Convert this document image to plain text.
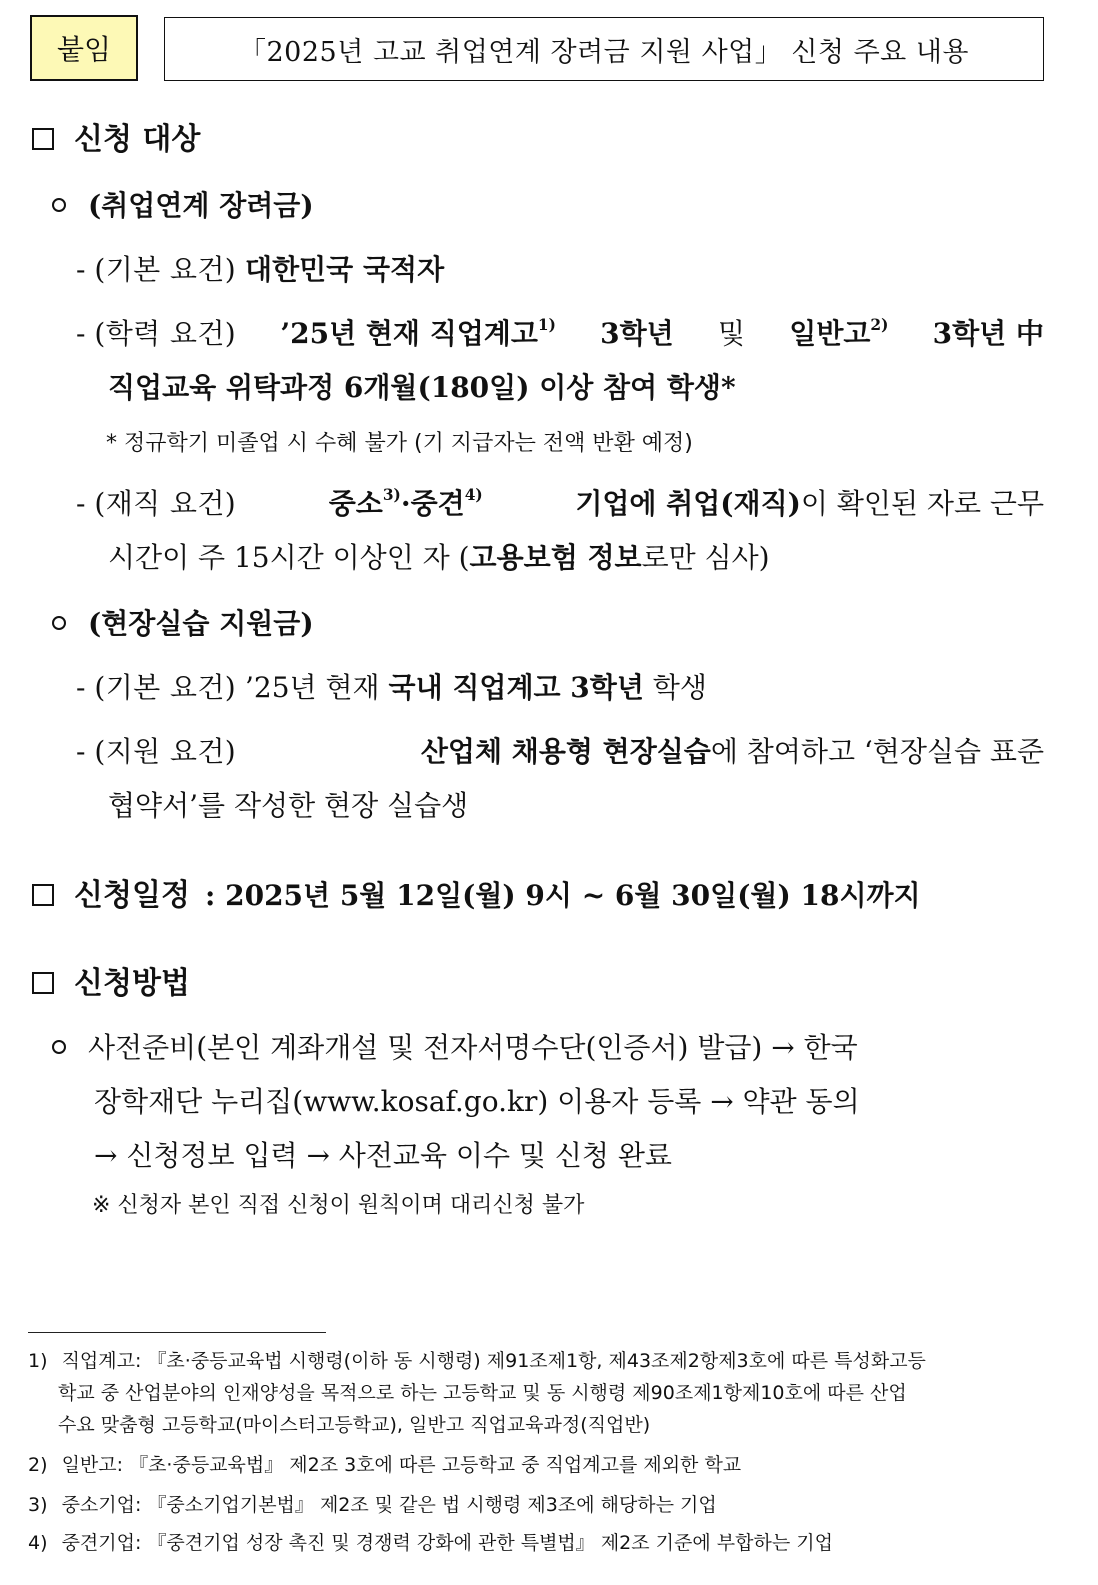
붙임	「2025년 고교 취업연계 장려금 지원 사업」 신청 주요 내용
신청 대상
(취업연계 장려금)
- (기본 요건) 대한민국 국적자
- (학력 요건) ’25년 현재 직업계고$^{1)}$ 3학년 및 일반고$^{2)}$ 3학년 中
직업교육 위탁과정 6개월(180일) 이상 참여 학생*
* 정규학기 미졸업 시 수혜 불가 (기 지급자는 전액 반환 예정)
- (재직 요건)	중소$^{3)}$·중견$^{4)}$	기업에 취업(재직)이 확인된 자로 근무
시간이 주 15시간 이상인 자 (고용보험 정보로만 심사)
(현장실습 지원금)
- (기본 요건) ’25년 현재 국내 직업계고 3학년 학생
- (지원 요건)	산업체 채용형 현장실습에 참여하고 ‘현장실습 표준
협약서’를 작성한 현장 실습생
신청일정 : 2025년 5월 12일(월) 9시 ~ 6월 30일(월) 18시까지
신청방법
사전준비(본인 계좌개설 및 전자서명수단(인증서) 발급) → 한국
장학재단 누리집(www.kosaf.go.kr) 이용자 등록 → 약관 동의
→ 신청정보 입력 → 사전교육 이수 및 신청 완료
※ 신청자 본인 직접 신청이 원칙이며 대리신청 불가
1) 직업계고: 『초·중등교육법 시행령(이하 동 시행령) 제91조제1항, 제43조제2항제3호에 따른 특성화고등
학교 중 산업분야의 인재양성을 목적으로 하는 고등학교 및 동 시행령 제90조제1항제10호에 따른 산업
수요 맞춤형 고등학교(마이스터고등학교), 일반고 직업교육과정(직업반)
2) 일반고: 『초·중등교육법』 제2조 3호에 따른 고등학교 중 직업계고를 제외한 학교
3) 중소기업: 『중소기업기본법』 제2조 및 같은 법 시행령 제3조에 해당하는 기업
4) 중견기업: 『중견기업 성장 촉진 및 경쟁력 강화에 관한 특별법』 제2조 기준에 부합하는 기업
